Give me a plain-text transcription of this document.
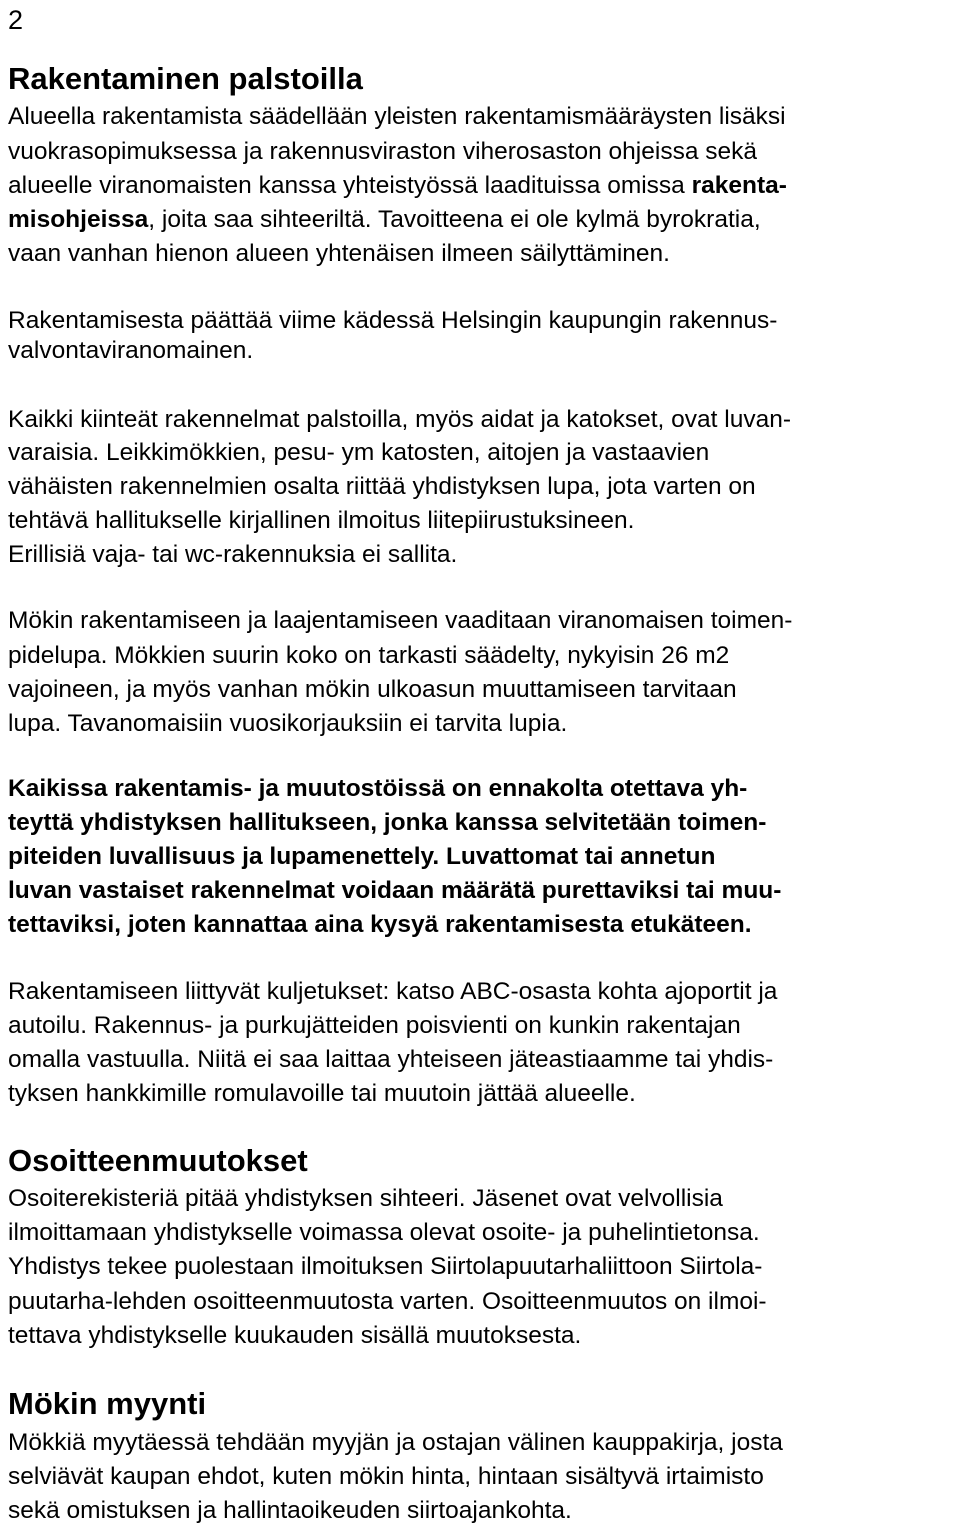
2
Rakentaminen palstoilla
Alueella rakentamista säädellään yleisten rakentamismääräysten lisäksi
vuokrasopimuksessa ja rakennusviraston viherosaston ohjeissa sekä
alueelle viranomaisten kanssa yhteistyössä laadituissa omissa rakenta-
misohjeissa, joita saa sihteeriltä. Tavoitteena ei ole kylmä byrokratia,
vaan vanhan hienon alueen yhtenäisen ilmeen säilyttäminen.
Rakentamisesta päättää viime kädessä Helsingin kaupungin rakennus-
valvontaviranomainen.
Kaikki kiinteät rakennelmat palstoilla, myös aidat ja katokset, ovat luvan-
varaisia. Leikkimökkien, pesu- ym katosten, aitojen ja vastaavien
vähäisten rakennelmien osalta riittää yhdistyksen lupa, jota varten on
tehtävä hallitukselle kirjallinen ilmoitus liitepiirustuksineen.
Erillisiä vaja- tai wc-rakennuksia ei sallita.
Mökin rakentamiseen ja laajentamiseen vaaditaan viranomaisen toimen-
pidelupa. Mökkien suurin koko on tarkasti säädelty, nykyisin 26 m2
vajoineen, ja myös vanhan mökin ulkoasun muuttamiseen tarvitaan
lupa. Tavanomaisiin vuosikorjauksiin ei tarvita lupia.
Kaikissa rakentamis- ja muutostöissä on ennakolta otettava yh-
teyttä yhdistyksen hallitukseen, jonka kanssa selvitetään toimen-
piteiden luvallisuus ja lupamenettely. Luvattomat tai annetun
luvan vastaiset rakennelmat voidaan määrätä purettaviksi tai muu-
tettaviksi, joten kannattaa aina kysyä rakentamisesta etukäteen.
Rakentamiseen liittyvät kuljetukset: katso ABC-osasta kohta ajoportit ja
autoilu. Rakennus- ja purkujätteiden poisvienti on kunkin rakentajan
omalla vastuulla. Niitä ei saa laittaa yhteiseen jäteastiaamme tai yhdis-
tyksen hankkimille romulavoille tai muutoin jättää alueelle.
Osoitteenmuutokset
Osoiterekisteriä pitää yhdistyksen sihteeri. Jäsenet ovat velvollisia
ilmoittamaan yhdistykselle voimassa olevat osoite- ja puhelintietonsa.
Yhdistys tekee puolestaan ilmoituksen Siirtolapuutarhaliittoon Siirtola-
puutarha-lehden osoitteenmuutosta varten. Osoitteenmuutos on ilmoi-
tettava yhdistykselle kuukauden sisällä muutoksesta.
Mökin myynti
Mökkiä myytäessä tehdään myyjän ja ostajan välinen kauppakirja, josta
selviävät kaupan ehdot, kuten mökin hinta, hintaan sisältyvä irtaimisto
sekä omistuksen ja hallintaoikeuden siirtoajankohta.
